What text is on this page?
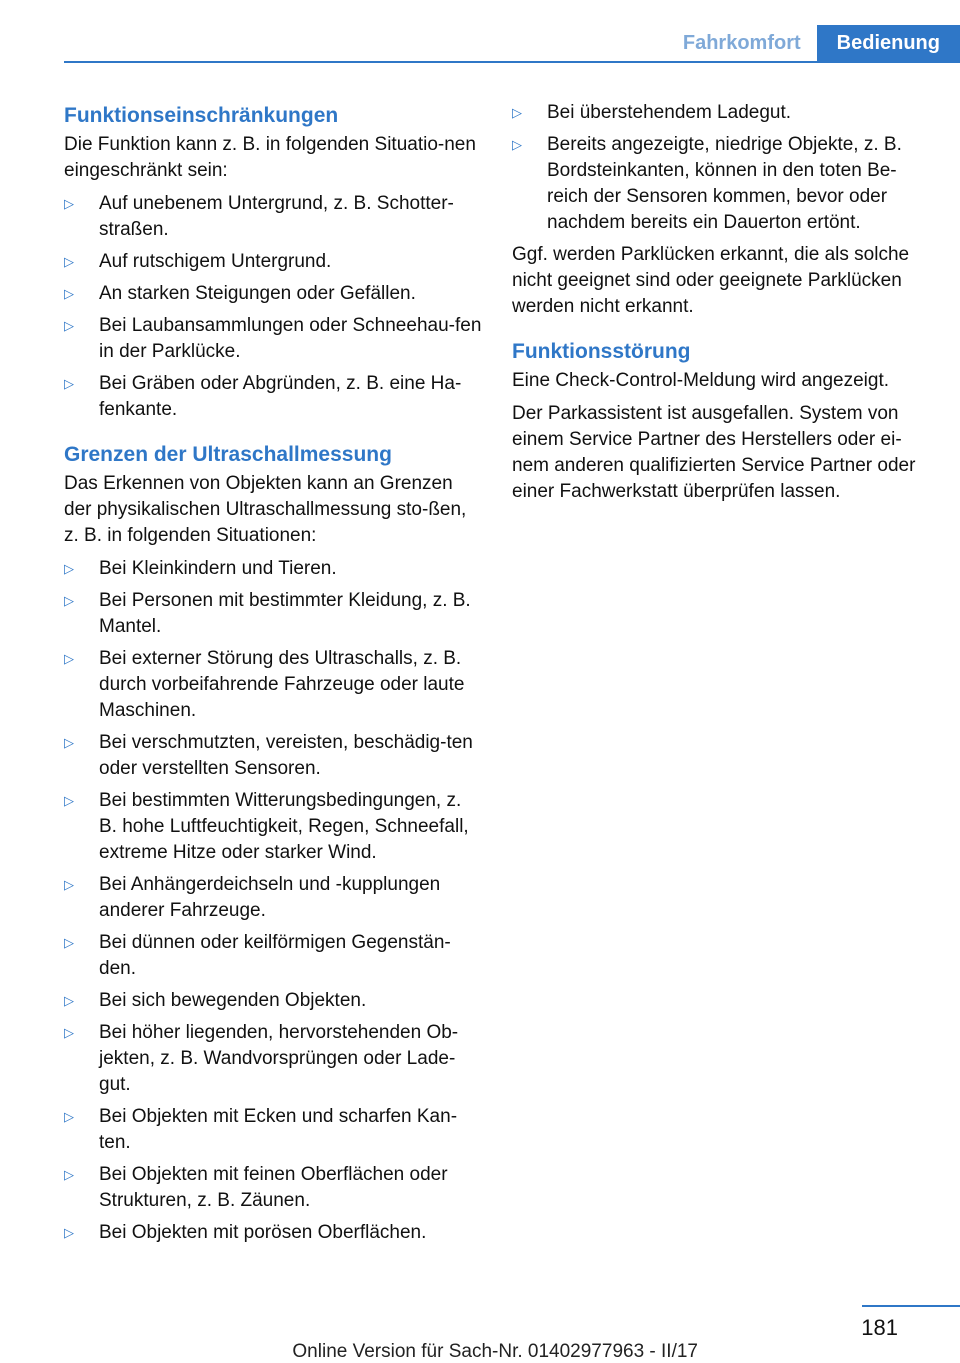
Fahrkomfort	Bedienung
Funktionseinschränkungen

Die Funktion kann z. B. in folgenden Situatio-nen eingeschränkt sein:

▷ Auf unebenem Untergrund, z. B. Schotter-straßen.
▷ Auf rutschigem Untergrund.
▷ An starken Steigungen oder Gefällen.
▷ Bei Laubansammlungen oder Schneehau-fen in der Parklücke.
▷ Bei Gräben oder Abgründen, z. B. eine Ha-fenkante.
Grenzen der Ultraschallmessung

Das Erkennen von Objekten kann an Grenzen der physikalischen Ultraschallmessung sto-ßen, z. B. in folgenden Situationen:

▷ Bei Kleinkindern und Tieren.
▷ Bei Personen mit bestimmter Kleidung, z. B. Mantel.
▷ Bei externer Störung des Ultraschalls, z. B. durch vorbeifahrende Fahrzeuge oder laute Maschinen.
▷ Bei verschmutzten, vereisten, beschädig-ten oder verstellten Sensoren.
▷ Bei bestimmten Witterungsbedingungen, z. B. hohe Luftfeuchtigkeit, Regen, Schneefall, extreme Hitze oder starker Wind.
▷ Bei Anhängerdeichseln und -kupplungen anderer Fahrzeuge.
▷ Bei dünnen oder keilförmigen Gegenstän-den.
▷ Bei sich bewegenden Objekten.
▷ Bei höher liegenden, hervorstehenden Ob-jekten, z. B. Wandvorsprüngen oder Lade-gut.
▷ Bei Objekten mit Ecken und scharfen Kan-ten.
▷ Bei Objekten mit feinen Oberflächen oder Strukturen, z. B. Zäunen.
▷ Bei Objekten mit porösen Oberflächen.
▷ Bei überstehendem Ladegut.
▷ Bereits angezeigte, niedrige Objekte, z. B. Bordsteinkanten, können in den toten Be-reich der Sensoren kommen, bevor oder nachdem bereits ein Dauerton ertönt.

Ggf. werden Parklücken erkannt, die als solche nicht geeignet sind oder geeignete Parklücken werden nicht erkannt.

Funktionsstörung

Eine Check-Control-Meldung wird angezeigt.

Der Parkassistent ist ausgefallen. System von einem Service Partner des Herstellers oder ei-nem anderen qualifizierten Service Partner oder einer Fachwerkstatt überprüfen lassen.

181
Online Version für Sach-Nr. 01402977963 - II/17
